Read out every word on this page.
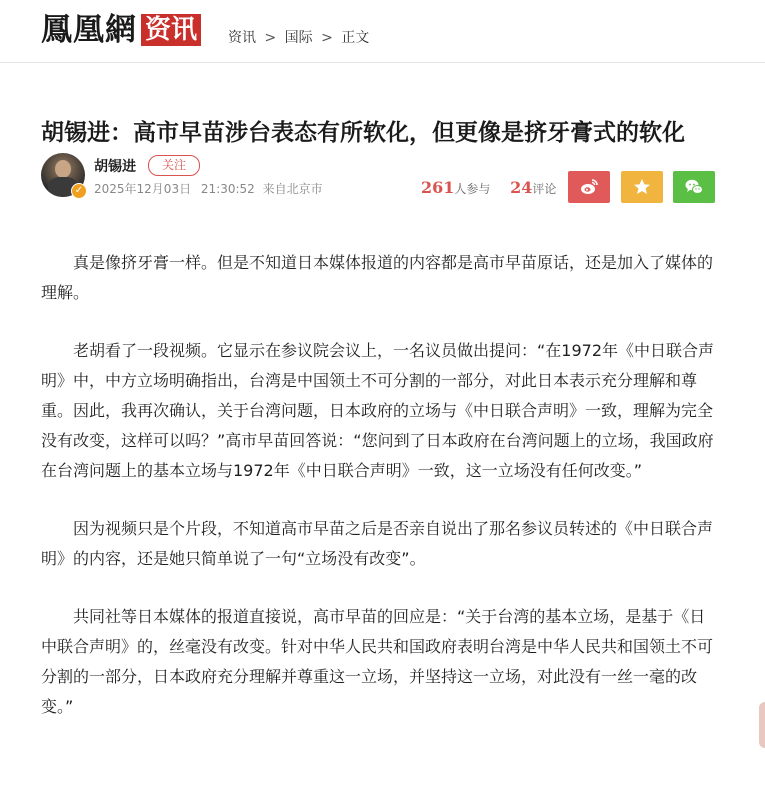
鳳凰網 资讯 资讯 > 国际 > 正文
胡锡进：高市早苗涉台表态有所软化，但更像是挤牙膏式的软化
✓
胡锡进	关注
2025年12月03日 21:30:52 来自北京市	261人参与 24评论

真是像挤牙膏一样。但是不知道日本媒体报道的内容都是高市早苗原话，还是加入了媒体的理解。

老胡看了一段视频。它显示在参议院会议上，一名议员做出提问：“在1972年《中日联合声明》中，中方立场明确指出，台湾是中国领土不可分割的一部分，对此日本表示充分理解和尊重。因此，我再次确认，关于台湾问题，日本政府的立场与《中日联合声明》一致，理解为完全没有改变，这样可以吗？”高市早苗回答说：“您问到了日本政府在台湾问题上的立场，我国政府在台湾问题上的基本立场与1972年《中日联合声明》一致，这一立场没有任何改变。”

因为视频只是个片段，不知道高市早苗之后是否亲自说出了那名参议员转述的《中日联合声明》的内容，还是她只简单说了一句“立场没有改变”。

共同社等日本媒体的报道直接说，高市早苗的回应是：“关于台湾的基本立场，是基于《日中联合声明》的，丝毫没有改变。针对中华人民共和国政府表明台湾是中华人民共和国领土不可分割的一部分，日本政府充分理解并尊重这一立场，并坚持这一立场，对此没有一丝一毫的改变。”
